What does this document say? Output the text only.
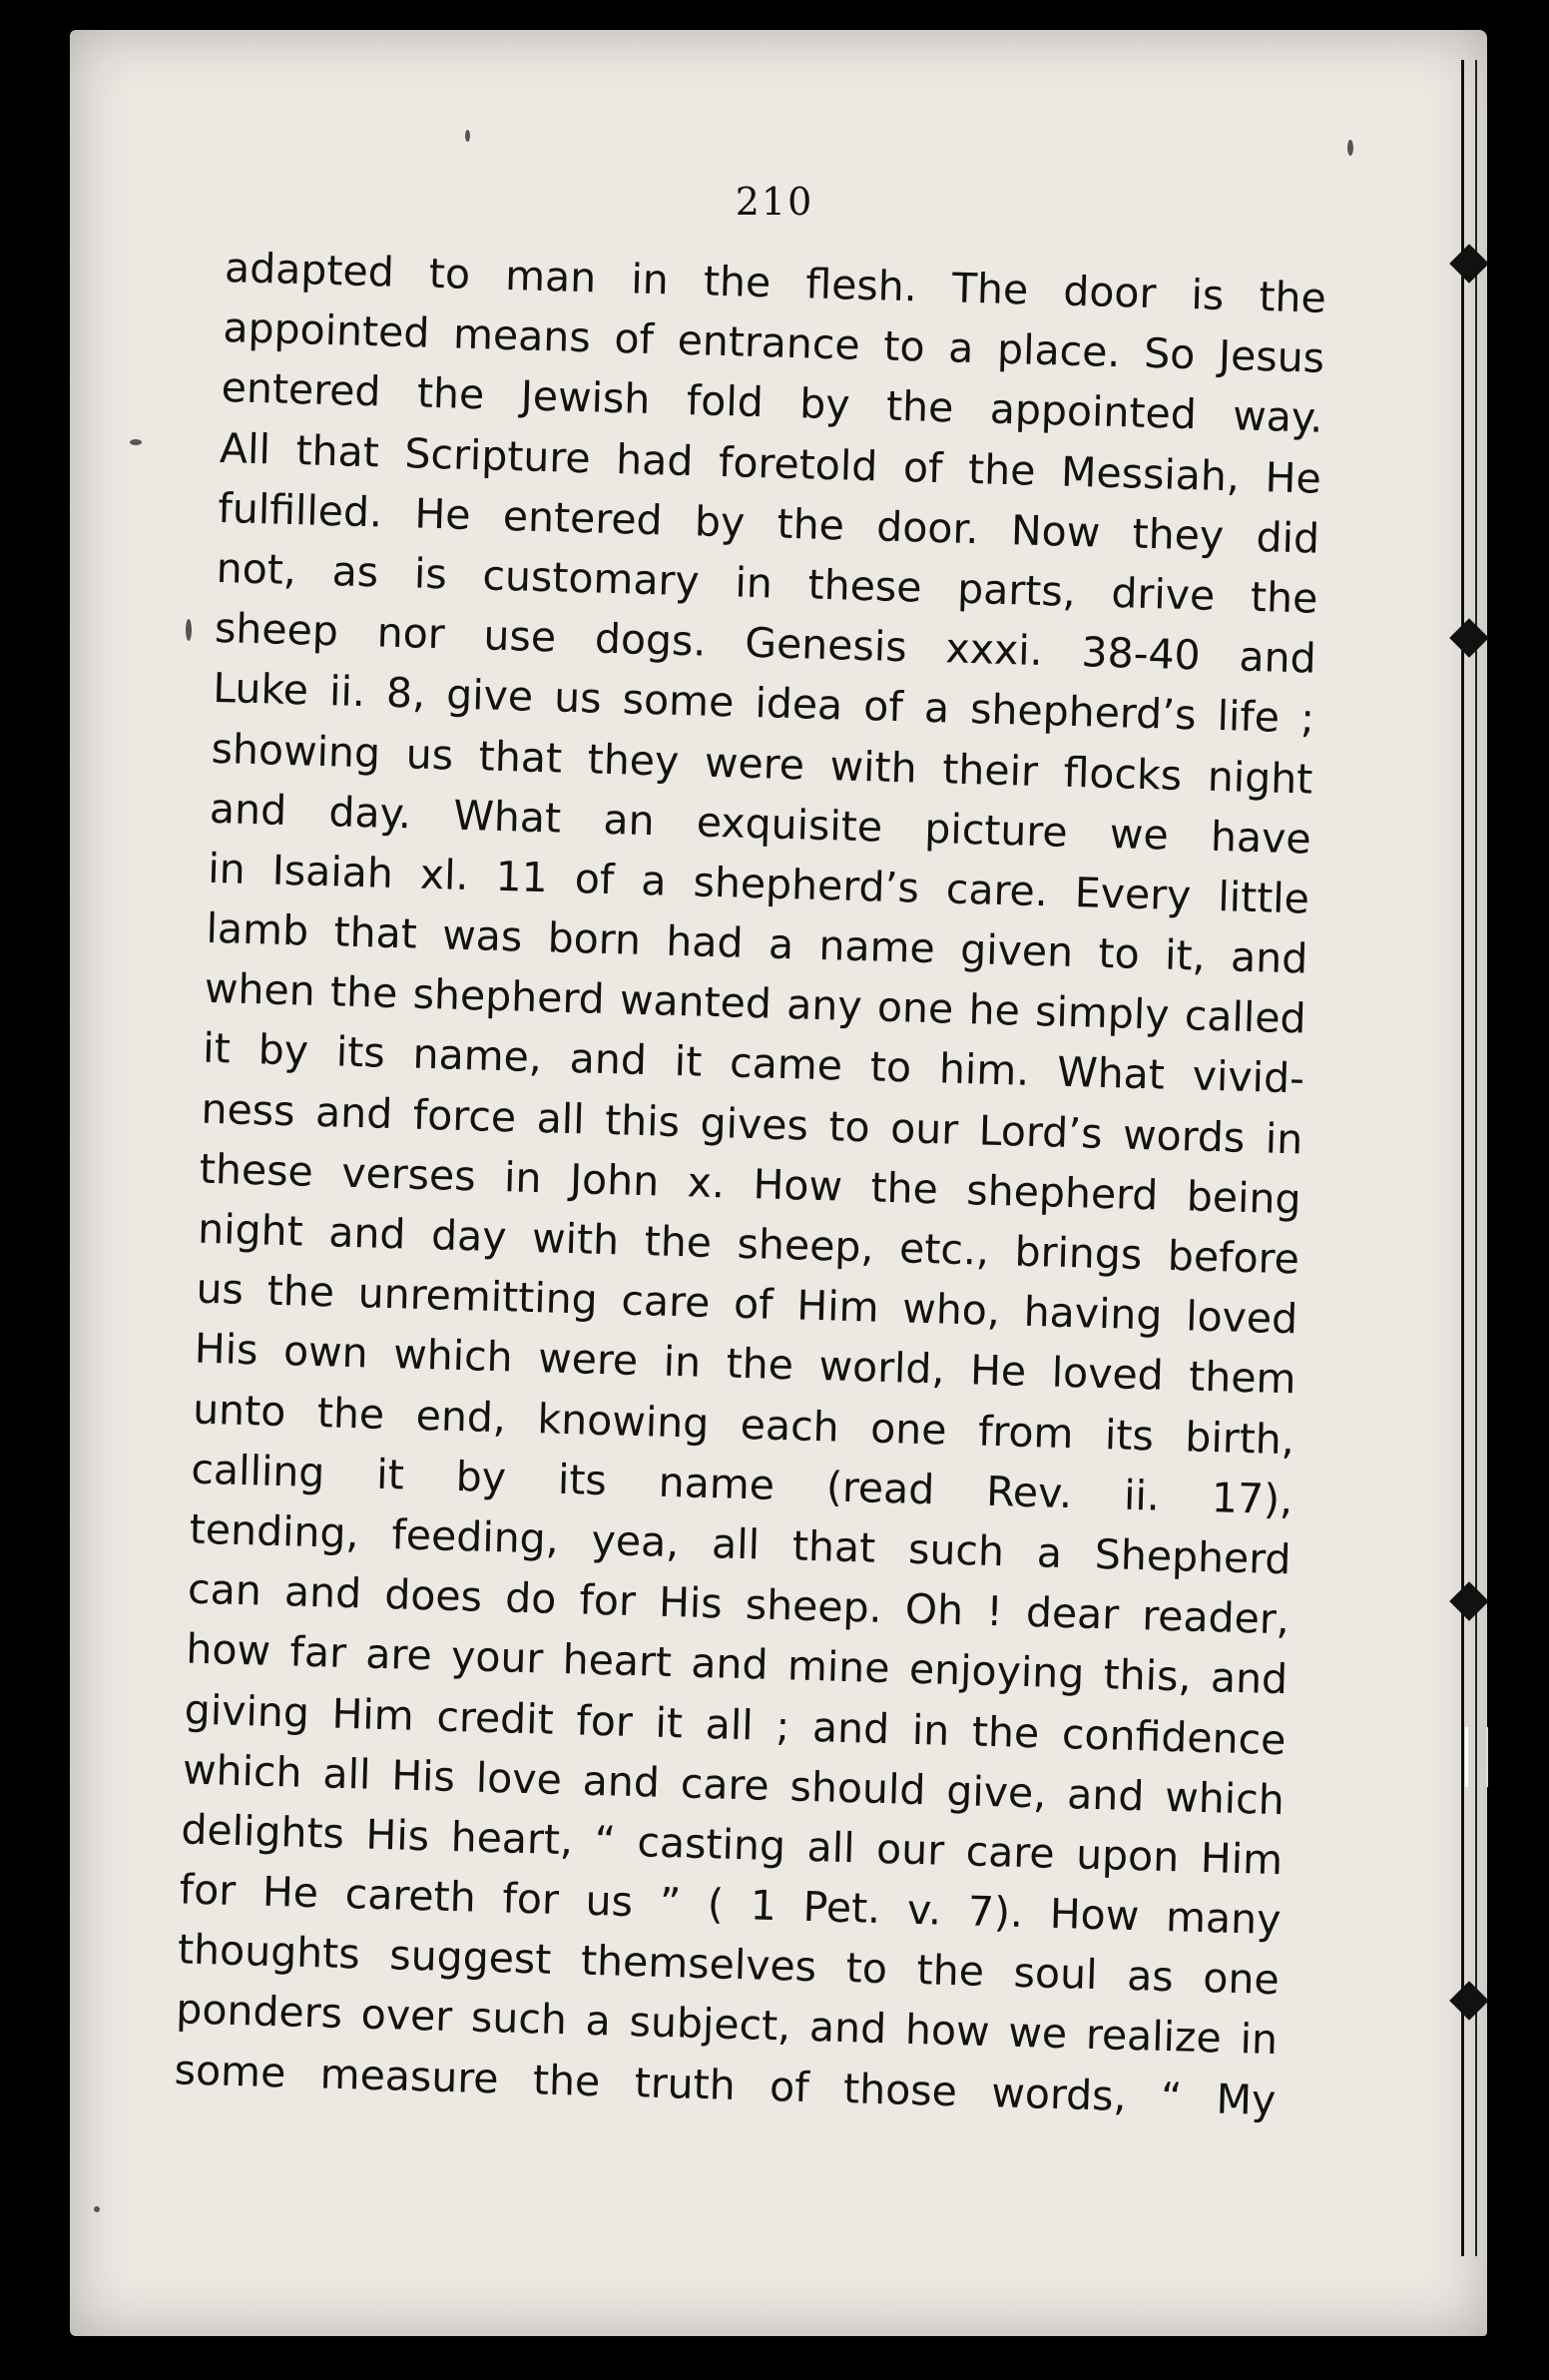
210
adapted to man in the flesh. The door is the
appointed means of entrance to a place. So Jesus
entered the Jewish fold by the appointed way.
All that Scripture had foretold of the Messiah, He
fulfilled. He entered by the door. Now they did
not, as is customary in these parts, drive the
sheep nor use dogs. Genesis xxxi. 38-40 and
Luke ii. 8, give us some idea of a shepherd’s life ;
showing us that they were with their flocks night
and day. What an exquisite picture we have
in Isaiah xl. 11 of a shepherd’s care. Every little
lamb that was born had a name given to it, and
when the shepherd wanted any one he simply called
it by its name, and it came to him. What vivid-
ness and force all this gives to our Lord’s words in
these verses in John x. How the shepherd being
night and day with the sheep, etc., brings before
us the unremitting care of Him who, having loved
His own which were in the world, He loved them
unto the end, knowing each one from its birth,
calling it by its name (read Rev. ii. 17),
tending, feeding, yea, all that such a Shepherd
can and does do for His sheep. Oh ! dear reader,
how far are your heart and mine enjoying this, and
giving Him credit for it all ; and in the confidence
which all His love and care should give, and which
delights His heart, “ casting all our care upon Him
for He careth for us ” ( 1 Pet. v. 7). How many
thoughts suggest themselves to the soul as one
ponders over such a subject, and how we realize in
some measure the truth of those words, “ My
